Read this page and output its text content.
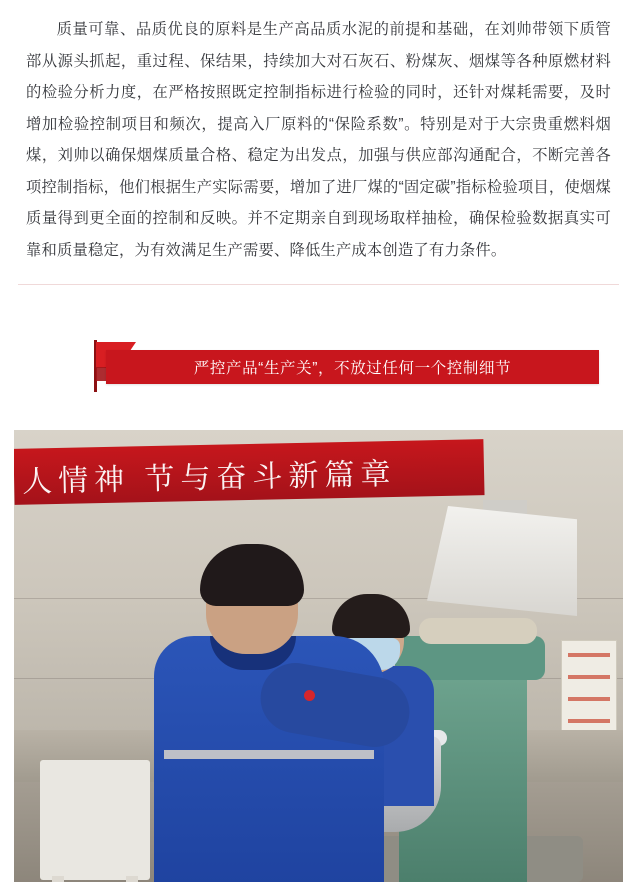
质量可靠、品质优良的原料是生产高品质水泥的前提和基础，在刘帅带领下质管部从源头抓起，重过程、保结果，持续加大对石灰石、粉煤灰、烟煤等各种原燃材料的检验分析力度，在严格按照既定控制指标进行检验的同时，还针对煤耗需要，及时增加检验控制项目和频次，提高入厂原料的“保险系数”。特别是对于大宗贵重燃料烟煤，刘帅以确保烟煤质量合格、稳定为出发点，加强与供应部沟通配合，不断完善各项控制指标，他们根据生产实际需要，增加了进厂煤的“固定碳”指标检验项目，使烟煤质量得到更全面的控制和反映。并不定期亲自到现场取样抽检，确保检验数据真实可靠和质量稳定，为有效满足生产需要、降低生产成本创造了有力条件。

严控产品“生产关”，不放过任何一个控制细节
人情神 节与奋斗新篇章
